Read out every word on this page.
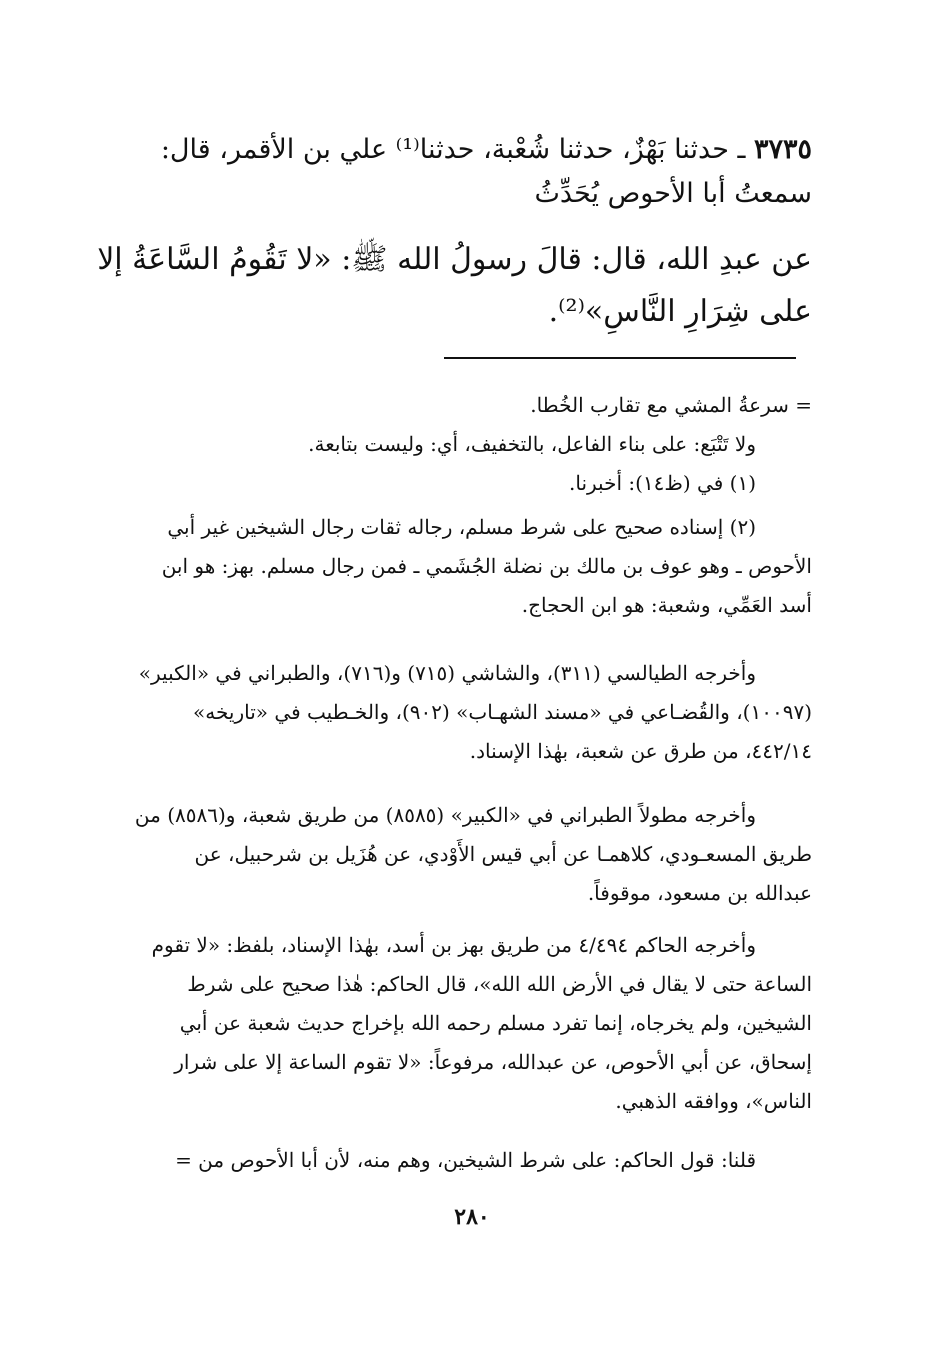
٣٧٣٥ ـ حدثنا بَهْزٌ، حدثنا شُعْبة، حدثنا⁽¹⁾ علي بن الأقمر، قال:
سمعتُ أبا الأحوص يُحَدِّثُ
عن عبدِ الله، قال: قالَ رسولُ الله ﷺ: «لا تَقُومُ السَّاعَةُ إلا
على شِرَارِ النَّاسِ»⁽²⁾.
= سرعةُ المشي مع تقارب الخُطا.
ولا تَتْبَع: على بناء الفاعل، بالتخفيف، أي: وليست بتابعة.
(١) في (ظ١٤): أخبرنا.
(٢) إسناده صحيح على شرط مسلم، رجاله ثقات رجال الشيخين غير أبي
الأحوص ـ وهو عوف بن مالك بن نضلة الجُشَمي ـ فمن رجال مسلم. بهز: هو ابن
أسد العَمِّي، وشعبة: هو ابن الحجاج.
وأخرجه الطيالسي (٣١١)، والشاشي (٧١٥) و(٧١٦)، والطبراني في «الكبير»
(١٠٠٩٧)، والقُضـاعي في «مسند الشهـاب» (٩٠٢)، والخـطيب في «تاريخه»
٤٤٢/١٤، من طرق عن شعبة، بهٰذا الإسناد.
وأخرجه مطولاً الطبراني في «الكبير» (٨٥٨٥) من طريق شعبة، و(٨٥٨٦) من
طريق المسعـودي، كلاهمـا عن أبي قيس الأَوْدي، عن هُزَيل بن شرحبيل، عن
عبدالله بن مسعود، موقوفاً.
وأخرجه الحاكم ٤/٤٩٤ من طريق بهز بن أسد، بهٰذا الإسناد، بلفظ: «لا تقوم
الساعة حتى لا يقال في الأرض الله الله»، قال الحاكم: هٰذا صحيح على شرط
الشيخين، ولم يخرجاه، إنما تفرد مسلم رحمه الله بإخراج حديث شعبة عن أبي
إسحاق، عن أبي الأحوص، عن عبدالله، مرفوعاً: «لا تقوم الساعة إلا على شرار
الناس»، ووافقه الذهبي.
قلنا: قول الحاكم: على شرط الشيخين، وهم منه، لأن أبا الأحوص من =
٢٨٠
